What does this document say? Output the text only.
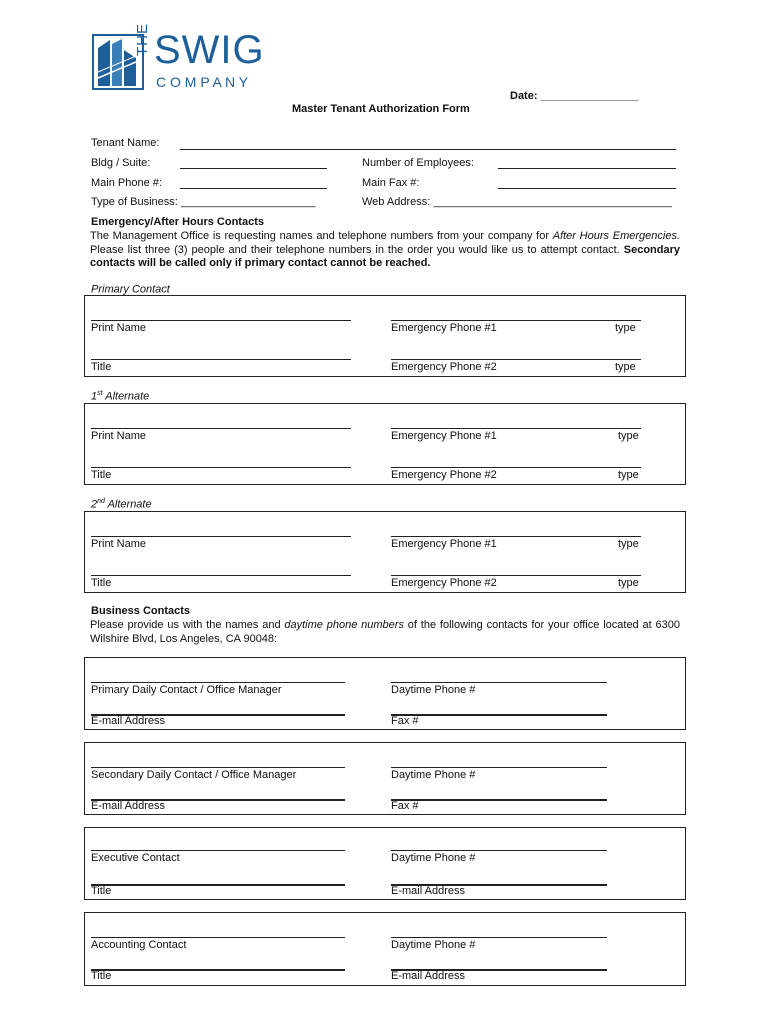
THE SWIG
C O M P A N Y
Date: ________________
Master Tenant Authorization Form
Tenant Name:
Bldg / Suite:	Number of Employees:
Main Phone #:	Main Fax #:
Type of Business: ______________________	Web Address: _______________________________________
Emergency/After Hours Contacts
The Management Office is requesting names and telephone numbers from your company for After Hours Emergencies. Please list three (3) people and their telephone numbers in the order you would like us to attempt contact. Secondary contacts will be called only if primary contact cannot be reached.
Primary Contact
Print Name	Emergency Phone #1	type
Title	Emergency Phone #2	type
1st Alternate
Print Name	Emergency Phone #1	type
Title	Emergency Phone #2	type
2nd Alternate
Print Name	Emergency Phone #1	type
Title	Emergency Phone #2	type
Business Contacts
Please provide us with the names and daytime phone numbers of the following contacts for your office located at 6300 Wilshire Blvd, Los Angeles, CA 90048:
Primary Daily Contact / Office Manager	Daytime Phone #
E-mail Address	Fax #
Secondary Daily Contact / Office Manager	Daytime Phone #
E-mail Address	Fax #
Executive Contact	Daytime Phone #
Title	E-mail Address
Accounting Contact	Daytime Phone #
Title	E-mail Address
